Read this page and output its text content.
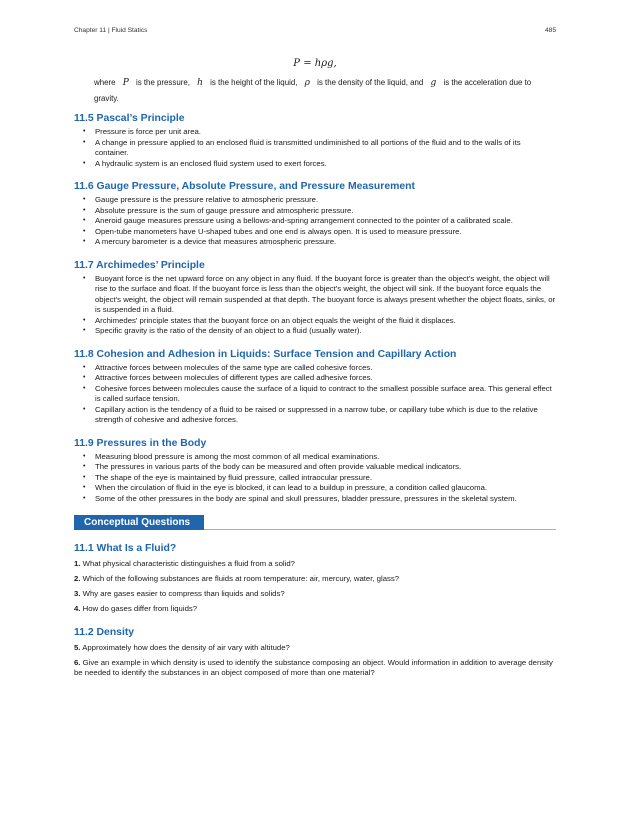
Chapter 11 | Fluid Statics	485
P = hρg,
where P is the pressure, h is the height of the liquid, ρ is the density of the liquid, and g is the acceleration due to gravity.
11.5 Pascal’s Principle
• Pressure is force per unit area.
• A change in pressure applied to an enclosed fluid is transmitted undiminished to all portions of the fluid and to the walls of its container.
• A hydraulic system is an enclosed fluid system used to exert forces.
11.6 Gauge Pressure, Absolute Pressure, and Pressure Measurement
• Gauge pressure is the pressure relative to atmospheric pressure.
• Absolute pressure is the sum of gauge pressure and atmospheric pressure.
• Aneroid gauge measures pressure using a bellows-and-spring arrangement connected to the pointer of a calibrated scale.
• Open-tube manometers have U-shaped tubes and one end is always open. It is used to measure pressure.
• A mercury barometer is a device that measures atmospheric pressure.
11.7 Archimedes’ Principle
• Buoyant force is the net upward force on any object in any fluid. If the buoyant force is greater than the object's weight, the object will rise to the surface and float. If the buoyant force is less than the object's weight, the object will sink. If the buoyant force equals the object's weight, the object will remain suspended at that depth. The buoyant force is always present whether the object floats, sinks, or is suspended in a fluid.
• Archimedes' principle states that the buoyant force on an object equals the weight of the fluid it displaces.
• Specific gravity is the ratio of the density of an object to a fluid (usually water).
11.8 Cohesion and Adhesion in Liquids: Surface Tension and Capillary Action
• Attractive forces between molecules of the same type are called cohesive forces.
• Attractive forces between molecules of different types are called adhesive forces.
• Cohesive forces between molecules cause the surface of a liquid to contract to the smallest possible surface area. This general effect is called surface tension.
• Capillary action is the tendency of a fluid to be raised or suppressed in a narrow tube, or capillary tube which is due to the relative strength of cohesive and adhesive forces.
11.9 Pressures in the Body
• Measuring blood pressure is among the most common of all medical examinations.
• The pressures in various parts of the body can be measured and often provide valuable medical indicators.
• The shape of the eye is maintained by fluid pressure, called intraocular pressure.
• When the circulation of fluid in the eye is blocked, it can lead to a buildup in pressure, a condition called glaucoma.
• Some of the other pressures in the body are spinal and skull pressures, bladder pressure, pressures in the skeletal system.
Conceptual Questions
11.1 What Is a Fluid?

1. What physical characteristic distinguishes a fluid from a solid?

2. Which of the following substances are fluids at room temperature: air, mercury, water, glass?

3. Why are gases easier to compress than liquids and solids?

4. How do gases differ from liquids?

11.2 Density

5. Approximately how does the density of air vary with altitude?

6. Give an example in which density is used to identify the substance composing an object. Would information in addition to average density be needed to identify the substances in an object composed of more than one material?
